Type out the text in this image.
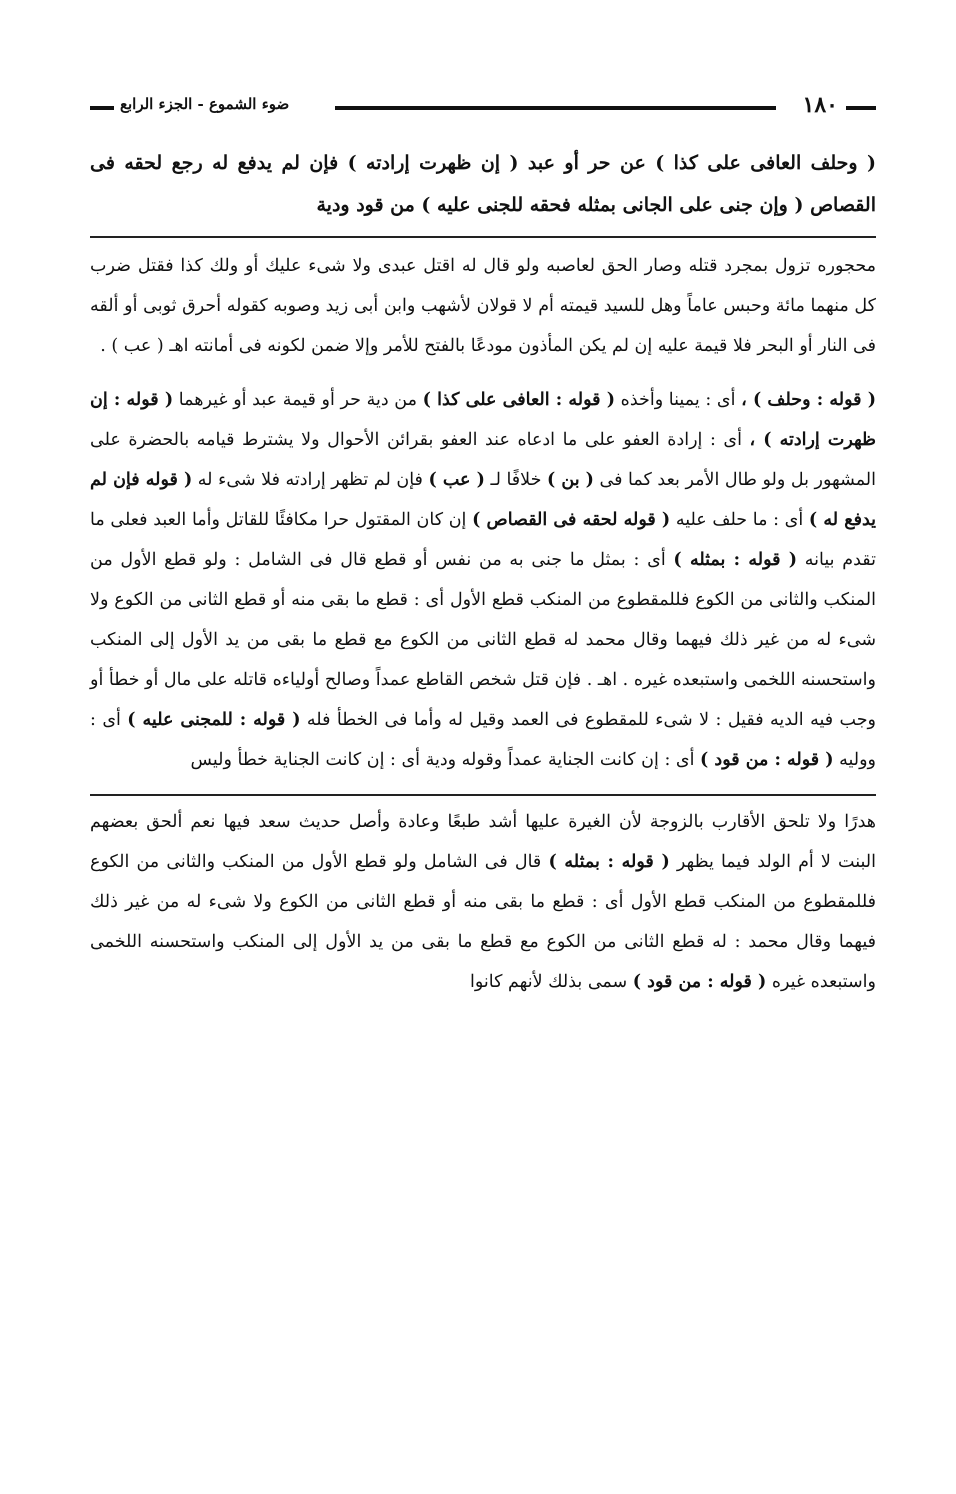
١٨٠
ضوء الشموع - الجزء الرابع
( وحلف العافى على كذا ) عن حر أو عبد ( إن ظهرت إرادته ) فإن لم يدفع له رجع لحقه فى القصاص ( وإن جنى على الجانى بمثله فحقه للجنى عليه ) من قود ودية

محجوره تزول بمجرد قتله وصار الحق لعاصبه ولو قال له اقتل عبدى ولا شىء عليك أو ولك كذا فقتل ضرب كل منهما مائة وحبس عاماً وهل للسيد قيمته أم لا قولان لأشهب وابن أبى زيد وصوبه كقوله أحرق ثوبى أو ألقه فى النار أو البحر فلا قيمة عليه إن لم يكن المأذون مودعًا بالفتح للأمر وإلا ضمن لكونه فى أمانته اهـ ( عب ) .

( قوله : وحلف ) ، أى : يمينا وأخذه ( قوله : العافى على كذا ) من دية حر أو قيمة عبد أو غيرهما ( قوله : إن ظهرت إرادته ) ، أى : إرادة العفو على ما ادعاه عند العفو بقرائن الأحوال ولا يشترط قيامه بالحضرة على المشهور بل ولو طال الأمر بعد كما فى ( بن ) خلافًا لـ ( عب ) فإن لم تظهر إرادته فلا شىء له ( قوله فإن لم يدفع له ) أى : ما حلف عليه ( قوله لحقه فى القصاص ) إن كان المقتول حرا مكافئًا للقاتل وأما العبد فعلى ما تقدم بيانه ( قوله : بمثله ) أى : بمثل ما جنى به من نفس أو قطع قال فى الشامل : ولو قطع الأول من المنكب والثانى من الكوع فللمقطوع من المنكب قطع الأول أى : قطع ما بقى منه أو قطع الثانى من الكوع ولا شىء له من غير ذلك فيهما وقال محمد له قطع الثانى من الكوع مع قطع ما بقى من يد الأول إلى المنكب واستحسنه اللخمى واستبعده غيره . اهـ . فإن قتل شخص القاطع عمداً وصالح أولياءه قاتله على مال أو خطأ أو وجب فيه الديه فقيل : لا شىء للمقطوع فى العمد وقيل له وأما فى الخطأ فله ( قوله : للمجنى عليه ) أى : ووليه ( قوله : من قود ) أى : إن كانت الجناية عمداً وقوله ودية أى : إن كانت الجناية خطأ وليس

هدرًا ولا تلحق الأقارب بالزوجة لأن الغيرة عليها أشد طبعًا وعادة وأصل حديث سعد فيها نعم ألحق بعضهم البنت لا أم الولد فيما يظهر ( قوله : بمثله ) قال فى الشامل ولو قطع الأول من المنكب والثانى من الكوع فللمقطوع من المنكب قطع الأول أى : قطع ما بقى منه أو قطع الثانى من الكوع ولا شىء له من غير ذلك فيهما وقال محمد : له قطع الثانى من الكوع مع قطع ما بقى من يد الأول إلى المنكب واستحسنه اللخمى واستبعده غيره ( قوله : من قود ) سمى بذلك لأنهم كانوا
